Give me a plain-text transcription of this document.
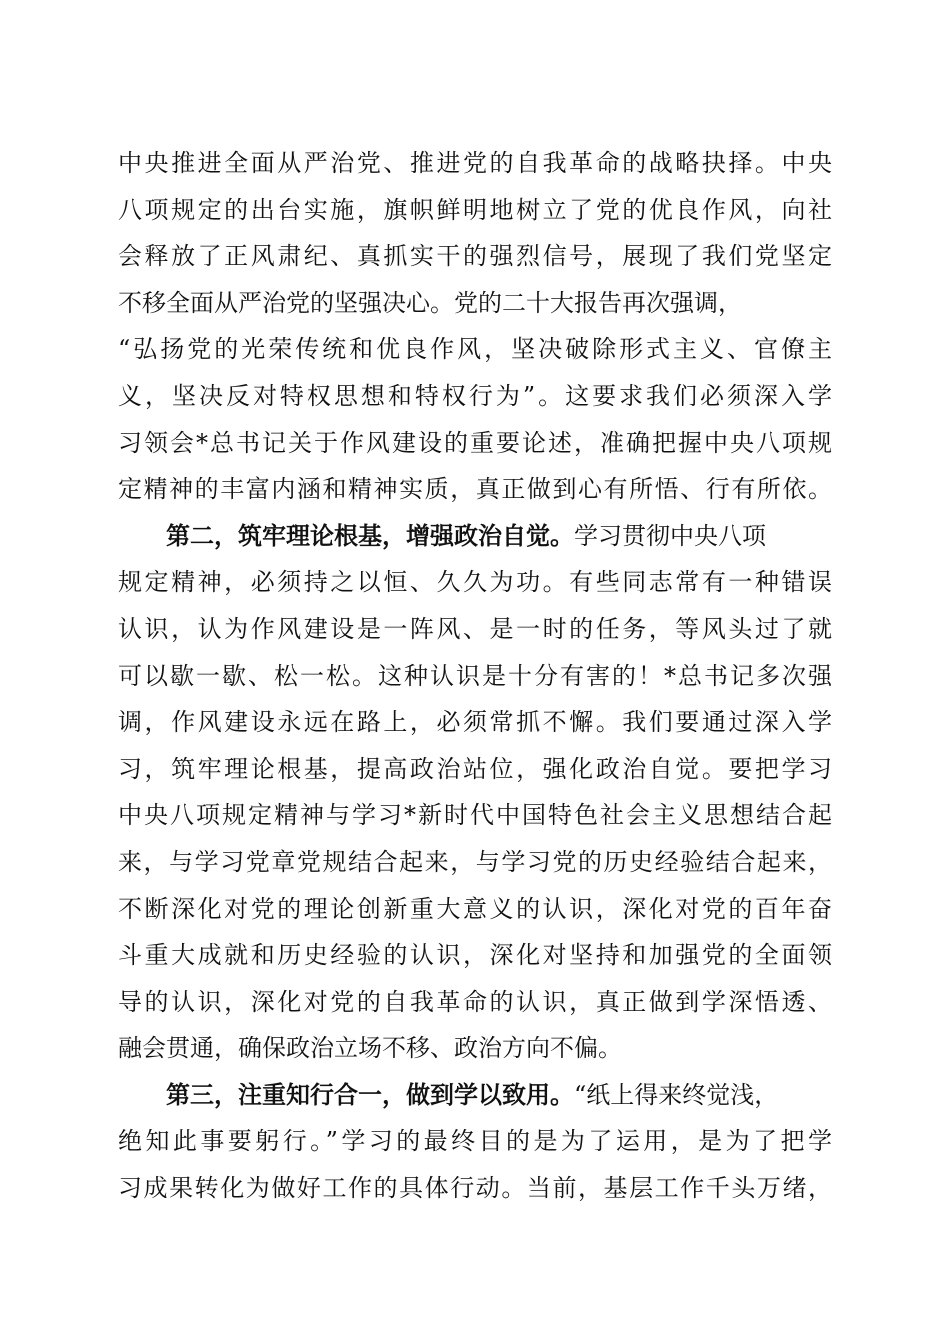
中央推进全面从严治党、推进党的自我革命的战略抉择。中央
八项规定的出台实施，旗帜鲜明地树立了党的优良作风，向社
会释放了正风肃纪、真抓实干的强烈信号，展现了我们党坚定
不移全面从严治党的坚强决心。党的二十大报告再次强调，
“弘扬党的光荣传统和优良作风，坚决破除形式主义、官僚主
义，坚决反对特权思想和特权行为”。这要求我们必须深入学
习领会*总书记关于作风建设的重要论述，准确把握中央八项规
定精神的丰富内涵和精神实质，真正做到心有所悟、行有所依。
第二，筑牢理论根基，增强政治自觉。学习贯彻中央八项
规定精神，必须持之以恒、久久为功。有些同志常有一种错误
认识，认为作风建设是一阵风、是一时的任务，等风头过了就
可以歇一歇、松一松。这种认识是十分有害的！*总书记多次强
调，作风建设永远在路上，必须常抓不懈。我们要通过深入学
习，筑牢理论根基，提高政治站位，强化政治自觉。要把学习
中央八项规定精神与学习*新时代中国特色社会主义思想结合起
来，与学习党章党规结合起来，与学习党的历史经验结合起来，
不断深化对党的理论创新重大意义的认识，深化对党的百年奋
斗重大成就和历史经验的认识，深化对坚持和加强党的全面领
导的认识，深化对党的自我革命的认识，真正做到学深悟透、
融会贯通，确保政治立场不移、政治方向不偏。
第三，注重知行合一，做到学以致用。“纸上得来终觉浅，
绝知此事要躬行。”学习的最终目的是为了运用，是为了把学
习成果转化为做好工作的具体行动。当前，基层工作千头万绪，
